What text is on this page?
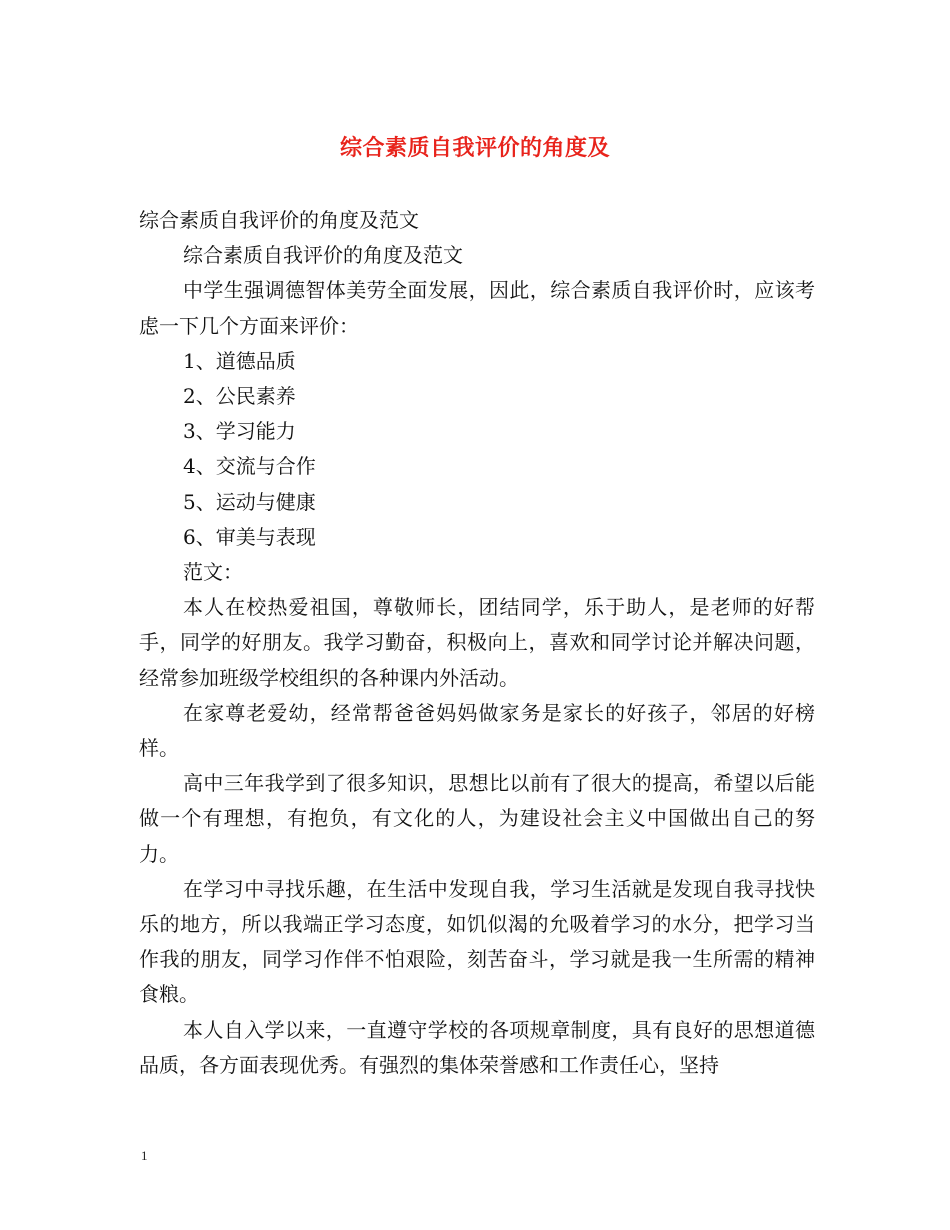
综合素质自我评价的角度及

综合素质自我评价的角度及范文

综合素质自我评价的角度及范文

中学生强调德智体美劳全面发展，因此，综合素质自我评价时，应该考虑一下几个方面来评价：

1、道德品质

2、公民素养

3、学习能力

4、交流与合作

5、运动与健康

6、审美与表现

范文：

本人在校热爱祖国，尊敬师长，团结同学，乐于助人，是老师的好帮手，同学的好朋友。我学习勤奋，积极向上，喜欢和同学讨论并解决问题，经常参加班级学校组织的各种课内外活动。

在家尊老爱幼，经常帮爸爸妈妈做家务是家长的好孩子，邻居的好榜样。

高中三年我学到了很多知识，思想比以前有了很大的提高，希望以后能做一个有理想，有抱负，有文化的人，为建设社会主义中国做出自己的努力。

在学习中寻找乐趣，在生活中发现自我，学习生活就是发现自我寻找快乐的地方，所以我端正学习态度，如饥似渴的允吸着学习的水分，把学习当作我的朋友，同学习作伴不怕艰险，刻苦奋斗，学习就是我一生所需的精神食粮。

本人自入学以来，一直遵守学校的各项规章制度，具有良好的思想道德品质，各方面表现优秀。有强烈的集体荣誉感和工作责任心，坚持

1
